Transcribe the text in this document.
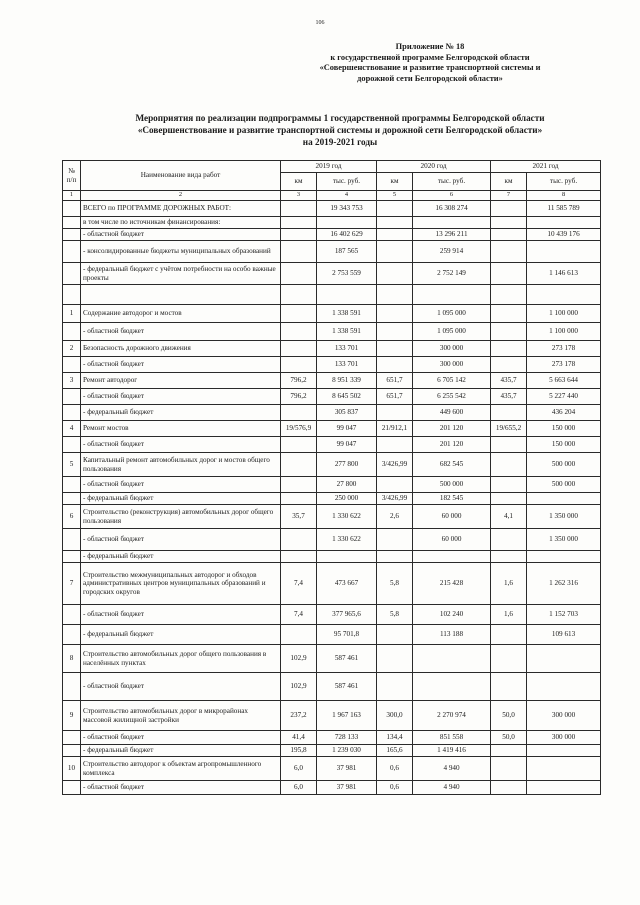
106
Приложение № 18
к государственной программе Белгородской области
«Совершенствование и развитие транспортной системы и
дорожной сети Белгородской области»
Мероприятия по реализации подпрограммы 1 государственной программы Белгородской области
«Совершенствование и развитие транспортной системы и дорожной сети Белгородской области»
на 2019-2021 годы
№ п/п	Наименование вида работ	2019 год		2020 год		2021 год	
		км	тыс. руб.	км	тыс. руб.	км	тыс. руб.
1	2	3	4	5	6	7	8
	ВСЕГО по ПРОГРАММЕ ДОРОЖНЫХ РАБОТ:		19 343 753		16 308 274		11 585 789
	в том числе по источникам финансирования:						
	- областной бюджет		16 402 629		13 296 211		10 439 176
	- консолидированные бюджеты муниципальных образований		187 565		259 914		
	- федеральный бюджет с учётом потребности на особо важные проекты		2 753 559		2 752 149		1 146 613

1	Содержание автодорог и мостов		1 338 591		1 095 000		1 100 000
	- областной бюджет		1 338 591		1 095 000		1 100 000
2	Безопасность дорожного движения		133 701		300 000		273 178
	- областной бюджет		133 701		300 000		273 178
3	Ремонт автодорог	796,2	8 951 339	651,7	6 705 142	435,7	5 663 644
	- областной бюджет	796,2	8 645 502	651,7	6 255 542	435,7	5 227 440
	- федеральный бюджет		305 837		449 600		436 204
4	Ремонт мостов	19/576,9	99 047	21/912,1	201 120	19/655,2	150 000
	- областной бюджет		99 047		201 120		150 000
5	Капитальный ремонт автомобильных дорог и мостов общего пользования		277 800	3/426,99	682 545		500 000
	- областной бюджет		27 800		500 000		500 000
	- федеральный бюджет		250 000	3/426,99	182 545		
6	Строительство (реконструкция) автомобильных дорог общего пользования	35,7	1 330 622	2,6	60 000	4,1	1 350 000
	- областной бюджет		1 330 622		60 000		1 350 000
	- федеральный бюджет						
7	Строительство межмуниципальных автодорог и обходов административных центров муниципальных образований и городских округов	7,4	473 667	5,8	215 428	1,6	1 262 316
	- областной бюджет	7,4	377 965,6	5,8	102 240	1,6	1 152 703
	- федеральный бюджет		95 701,8		113 188		109 613
8	Строительство автомобильных дорог общего пользования в населённых пунктах	102,9	587 461				
	- областной бюджет	102,9	587 461				
9	Строительство автомобильных дорог в микрорайонах массовой жилищной застройки	237,2	1 967 163	300,0	2 270 974	50,0	300 000
	- областной бюджет	41,4	728 133	134,4	851 558	50,0	300 000
	- федеральный бюджет	195,8	1 239 030	165,6	1 419 416		
10	Строительство автодорог к объектам агропромышленного комплекса	6,0	37 981	0,6	4 940		
	- областной бюджет	6,0	37 981	0,6	4 940		
